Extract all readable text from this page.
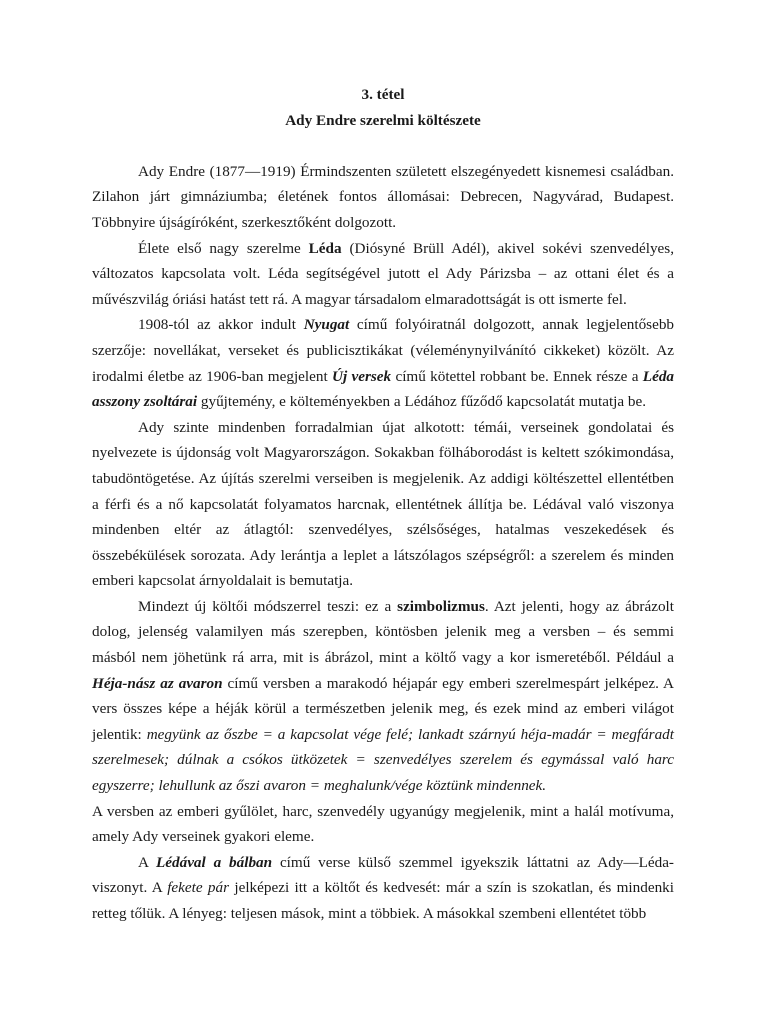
3. tétel
Ady Endre szerelmi költészete

Ady Endre (1877—1919) Érmindszenten született elszegényedett kisnemesi családban. Zilahon járt gimnáziumba; életének fontos állomásai: Debrecen, Nagyvárad, Budapest. Többnyire újságíróként, szerkesztőként dolgozott.

Élete első nagy szerelme Léda (Diósyné Brüll Adél), akivel sokévi szenvedélyes, változatos kapcsolata volt. Léda segítségével jutott el Ady Párizsba – az ottani élet és a művészvilág óriási hatást tett rá. A magyar társadalom elmaradottságát is ott ismerte fel.

1908-tól az akkor indult Nyugat című folyóiratnál dolgozott, annak legjelentősebb szerzője: novellákat, verseket és publicisztikákat (véleménynyilvánító cikkeket) közölt. Az irodalmi életbe az 1906-ban megjelent Új versek című kötettel robbant be. Ennek része a Léda asszony zsoltárai gyűjtemény, e költeményekben a Lédához fűződő kapcsolatát mutatja be.

Ady szinte mindenben forradalmian újat alkotott: témái, verseinek gondolatai és nyelvezete is újdonság volt Magyarországon. Sokakban fölháborodást is keltett szókimondása, tabudöntögetése. Az újítás szerelmi verseiben is megjelenik. Az addigi költészettel ellentétben a férfi és a nő kapcsolatát folyamatos harcnak, ellentétnek állítja be. Lédával való viszonya mindenben eltér az átlagtól: szenvedélyes, szélsőséges, hatalmas veszekedések és összebékülések sorozata. Ady lerántja a leplet a látszólagos szépségről: a szerelem és minden emberi kapcsolat árnyoldalait is bemutatja.

Mindezt új költői módszerrel teszi: ez a szimbolizmus. Azt jelenti, hogy az ábrázolt dolog, jelenség valamilyen más szerepben, köntösben jelenik meg a versben – és semmi másból nem jöhetünk rá arra, mit is ábrázol, mint a költő vagy a kor ismeretéből. Például a Héja-nász az avaron című versben a marakodó héjapár egy emberi szerelmespárt jelképez. A vers összes képe a héják körül a természetben jelenik meg, és ezek mind az emberi világot jelentik: megyünk az őszbe = a kapcsolat vége felé; lankadt szárnyú héja-madár = megfáradt szerelmesek; dúlnak a csókos ütközetek = szenvedélyes szerelem és egymással való harc egyszerre; lehullunk az őszi avaron = meghalunk/vége köztünk mindennek.

A versben az emberi gyűlölet, harc, szenvedély ugyanúgy megjelenik, mint a halál motívuma, amely Ady verseinek gyakori eleme.

A Lédával a bálban című verse külső szemmel igyekszik láttatni az Ady—Léda-viszonyt. A fekete pár jelképezi itt a költőt és kedvesét: már a szín is szokatlan, és mindenki retteg tőlük. A lényeg: teljesen mások, mint a többiek. A másokkal szembeni ellentétet több
